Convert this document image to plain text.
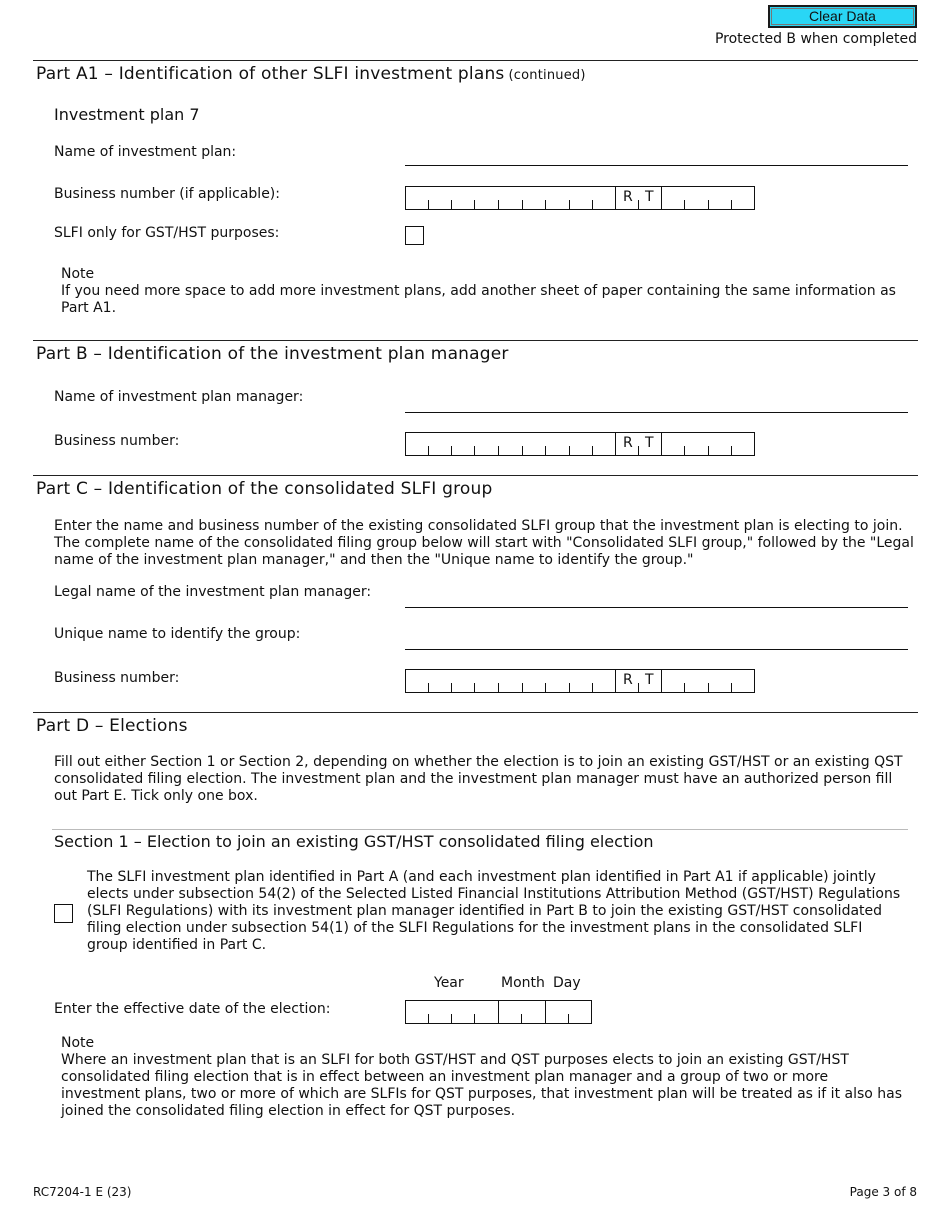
Clear Data
Protected B when completed
Part A1 – Identification of other SLFI investment plans (continued)
Investment plan 7
Name of investment plan:
Business number (if applicable):	R T
SLFI only for GST/HST purposes:
Note
If you need more space to add more investment plans, add another sheet of paper containing the same information as Part A1.
Part B – Identification of the investment plan manager
Name of investment plan manager:
Business number:	R T
Part C – Identification of the consolidated SLFI group
Enter the name and business number of the existing consolidated SLFI group that the investment plan is electing to join. The complete name of the consolidated filing group below will start with "Consolidated SLFI group," followed by the "Legal name of the investment plan manager," and then the "Unique name to identify the group."
Legal name of the investment plan manager:
Unique name to identify the group:
Business number:	R T
Part D – Elections
Fill out either Section 1 or Section 2, depending on whether the election is to join an existing GST/HST or an existing QST consolidated filing election. The investment plan and the investment plan manager must have an authorized person fill out Part E. Tick only one box.
Section 1 – Election to join an existing GST/HST consolidated filing election
The SLFI investment plan identified in Part A (and each investment plan identified in Part A1 if applicable) jointly elects under subsection 54(2) of the Selected Listed Financial Institutions Attribution Method (GST/HST) Regulations (SLFI Regulations) with its investment plan manager identified in Part B to join the existing GST/HST consolidated filing election under subsection 54(1) of the SLFI Regulations for the investment plans in the consolidated SLFI group identified in Part C.
Year	Month Day
Enter the effective date of the election:
Note
Where an investment plan that is an SLFI for both GST/HST and QST purposes elects to join an existing GST/HST consolidated filing election that is in effect between an investment plan manager and a group of two or more investment plans, two or more of which are SLFIs for QST purposes, that investment plan will be treated as if it also has joined the consolidated filing election in effect for QST purposes.
RC7204-1 E (23)	Page 3 of 8
